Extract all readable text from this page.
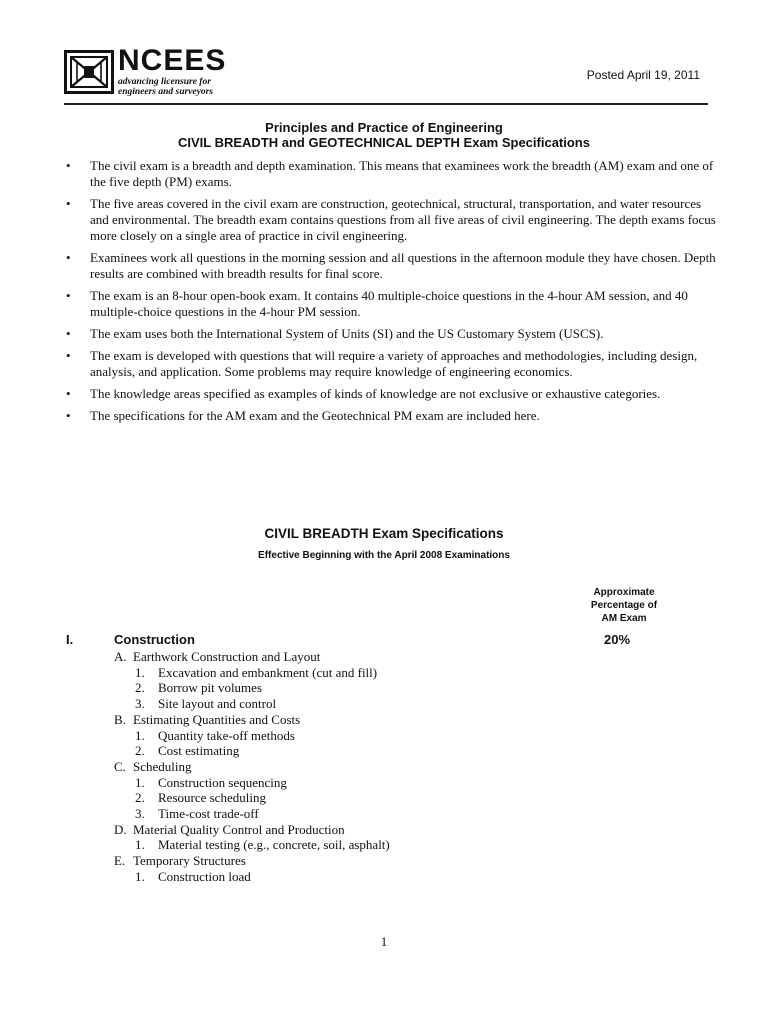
NCEES
advancing licensure for
engineers and surveyors
Posted April 19, 2011
Principles and Practice of Engineering
CIVIL BREADTH and GEOTECHNICAL DEPTH Exam Specifications
• The civil exam is a breadth and depth examination. This means that examinees work the breadth (AM) exam and one of the five depth (PM) exams.
• The five areas covered in the civil exam are construction, geotechnical, structural, transportation, and water resources and environmental. The breadth exam contains questions from all five areas of civil engineering. The depth exams focus more closely on a single area of practice in civil engineering.
• Examinees work all questions in the morning session and all questions in the afternoon module they have chosen. Depth results are combined with breadth results for final score.
• The exam is an 8-hour open-book exam. It contains 40 multiple-choice questions in the 4-hour AM session, and 40 multiple-choice questions in the 4-hour PM session.
• The exam uses both the International System of Units (SI) and the US Customary System (USCS).
• The exam is developed with questions that will require a variety of approaches and methodologies, including design, analysis, and application. Some problems may require knowledge of engineering economics.
• The knowledge areas specified as examples of kinds of knowledge are not exclusive or exhaustive categories.
• The specifications for the AM exam and the Geotechnical PM exam are included here.
CIVIL BREADTH Exam Specifications
Effective Beginning with the April 2008 Examinations
Approximate
Percentage of
AM Exam
I.	Construction	20%
A. Earthwork Construction and Layout
1. Excavation and embankment (cut and fill)
2. Borrow pit volumes
3. Site layout and control
B. Estimating Quantities and Costs
1. Quantity take-off methods
2. Cost estimating
C. Scheduling
1. Construction sequencing
2. Resource scheduling
3. Time-cost trade-off
D. Material Quality Control and Production
1. Material testing (e.g., concrete, soil, asphalt)
E. Temporary Structures
1. Construction load
1
